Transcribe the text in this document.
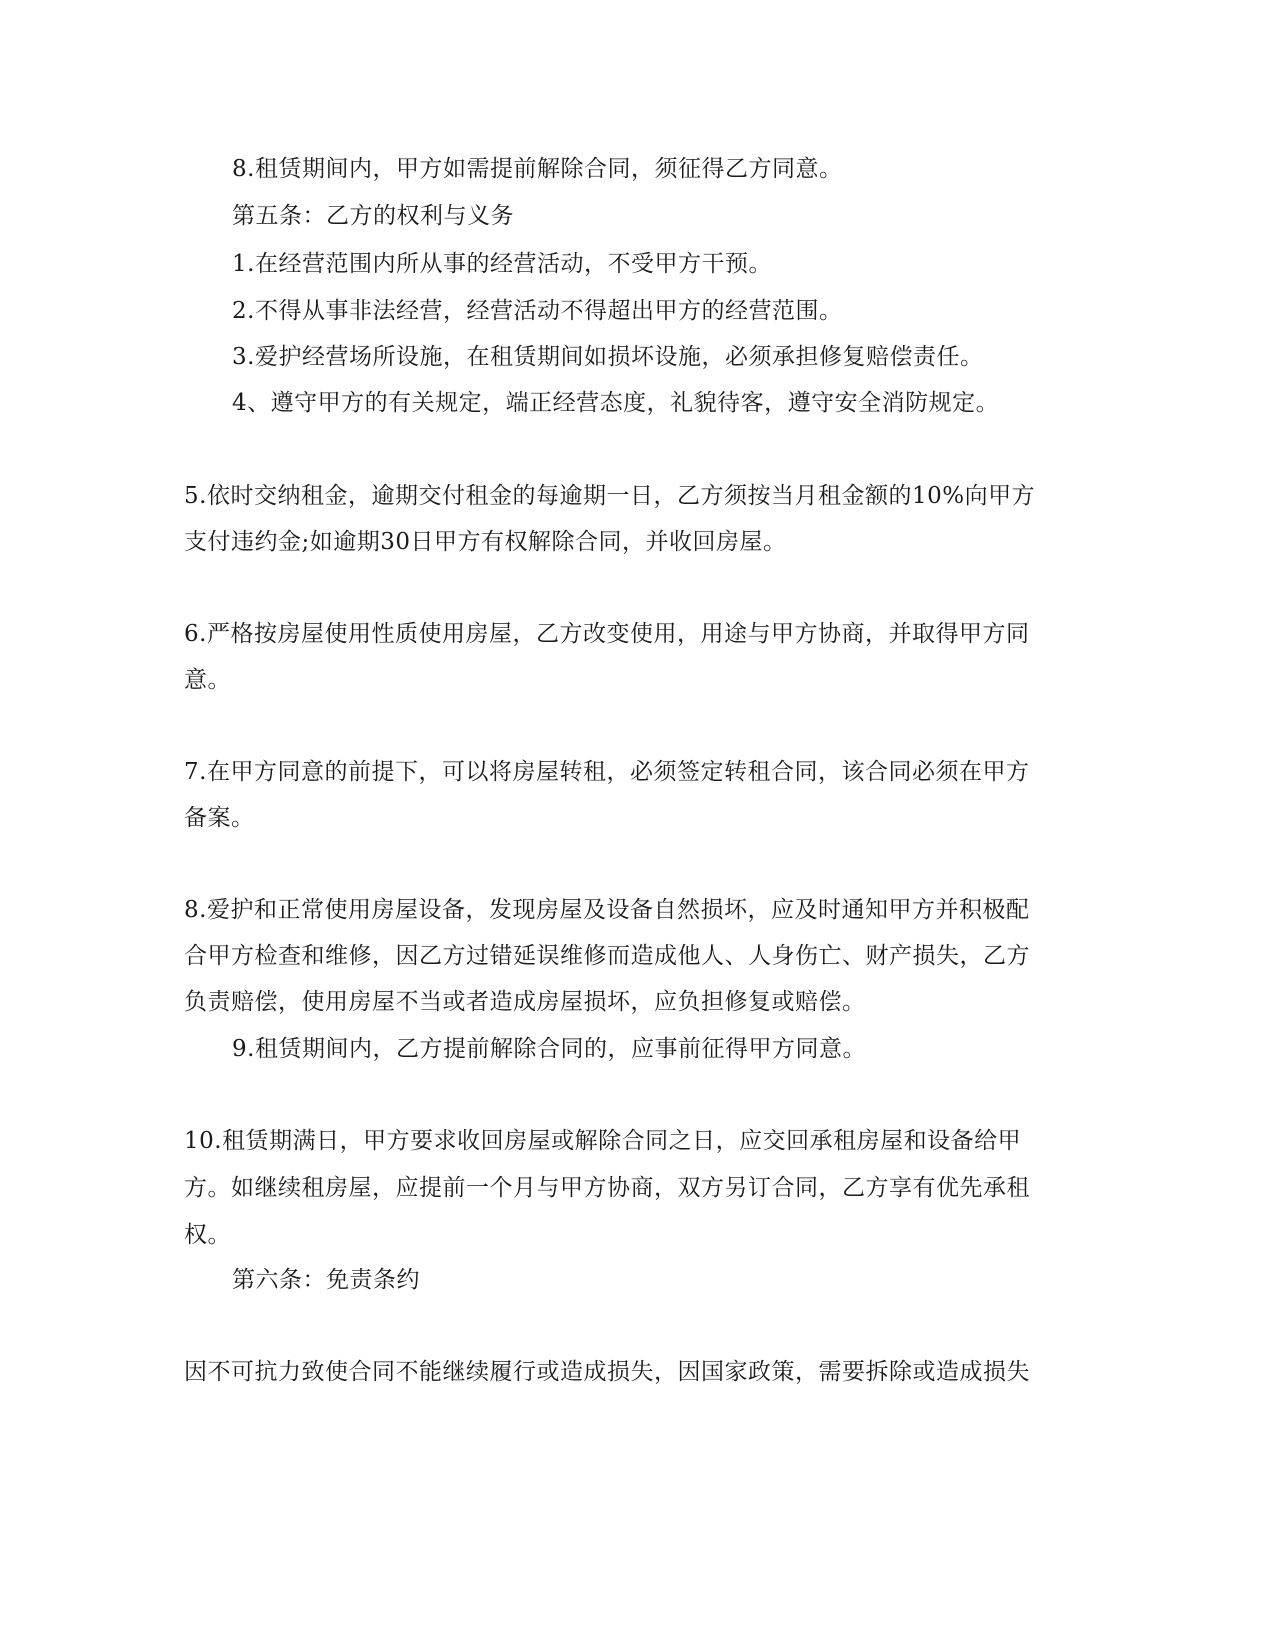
8.租赁期间内，甲方如需提前解除合同，须征得乙方同意。
第五条：乙方的权利与义务
1.在经营范围内所从事的经营活动，不受甲方干预。
2.不得从事非法经营，经营活动不得超出甲方的经营范围。
3.爱护经营场所设施，在租赁期间如损坏设施，必须承担修复赔偿责任。
4、遵守甲方的有关规定，端正经营态度，礼貌待客，遵守安全消防规定。
5.依时交纳租金，逾期交付租金的每逾期一日，乙方须按当月租金额的10%向甲方
支付违约金;如逾期30日甲方有权解除合同，并收回房屋。
6.严格按房屋使用性质使用房屋，乙方改变使用，用途与甲方协商，并取得甲方同
意。
7.在甲方同意的前提下，可以将房屋转租，必须签定转租合同，该合同必须在甲方
备案。
8.爱护和正常使用房屋设备，发现房屋及设备自然损坏，应及时通知甲方并积极配
合甲方检查和维修，因乙方过错延误维修而造成他人、人身伤亡、财产损失，乙方
负责赔偿，使用房屋不当或者造成房屋损坏，应负担修复或赔偿。
9.租赁期间内，乙方提前解除合同的，应事前征得甲方同意。
10.租赁期满日，甲方要求收回房屋或解除合同之日，应交回承租房屋和设备给甲
方。如继续租房屋，应提前一个月与甲方协商，双方另订合同，乙方享有优先承租
权。
第六条：免责条约
因不可抗力致使合同不能继续履行或造成损失，因国家政策，需要拆除或造成损失
